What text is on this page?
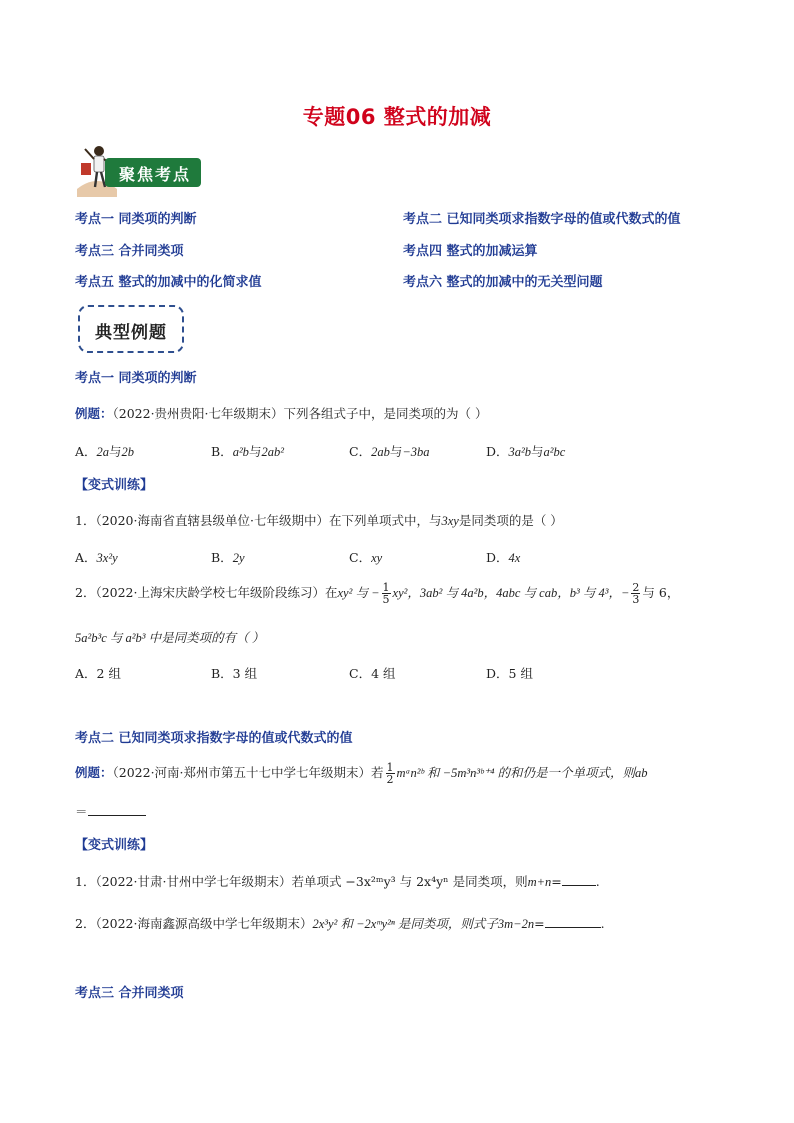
专题06 整式的加减
聚焦考点
考点一 同类项的判断	考点二 已知同类项求指数字母的值或代数式的值
考点三 合并同类项	考点四 整式的加减运算
考点五 整式的加减中的化简求值	考点六 整式的加减中的无关型问题
典型例题
考点一 同类项的判断
例题：（2022·贵州贵阳·七年级期末）下列各组式子中，是同类项的为（ ）
A．2a与2b	B．a²b与2ab²	C．2ab与−3ba	D．3a²b与a²bc
【变式训练】
1．（2020·海南省直辖县级单位·七年级期中）在下列单项式中，与3xy是同类项的是（ ）
A．3x²y	B．2y	C．xy	D．4x
2．（2022·上海宋庆龄学校七年级阶段练习）在xy² 与 − $\frac{1}{5} xy^2$，3ab² 与 4a²b，4abc 与 cab，b³ 与 4³，− $\frac{2}{3}$ 与 6，
5a²b³c 与 a²b³ 中是同类项的有（ ）
A．2 组	B．3 组	C．4 组	D．5 组
考点二 已知同类项求指数字母的值或代数式的值
例题：（2022·河南·郑州市第五十七中学七年级期末）若 $\frac{1}{2}$ mᵃn²ᵇ 和 −5m³n³ᵇ⁺⁴ 的和仍是一个单项式，则ab
＝
【变式训练】
1．（2022·甘肃·甘州中学七年级期末）若单项式 −3x²ᵐy³ 与 2x⁴yⁿ 是同类项，则m+n=	.
2．（2022·海南鑫源高级中学七年级期末）2x³y² 和 −2xᵐy²ⁿ 是同类项，则式子3m−2n=	.
考点三 合并同类项
